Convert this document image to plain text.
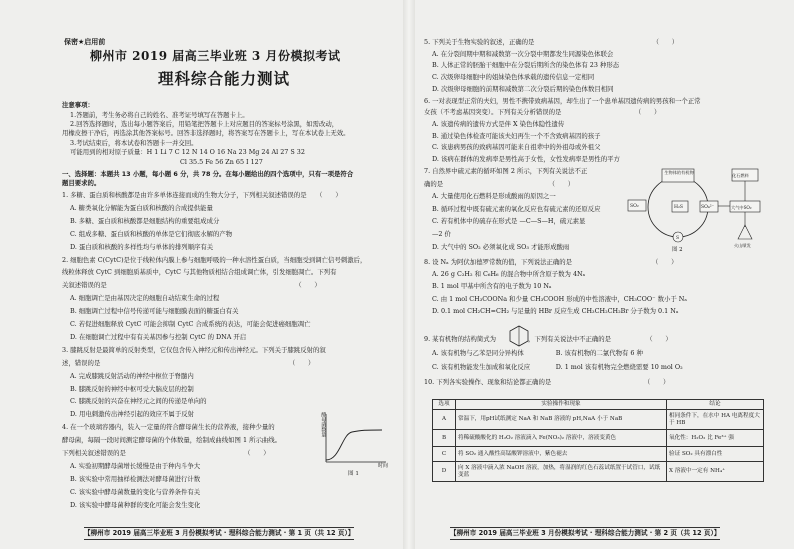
保密★启用前
柳州市 2019 届高三毕业班 3 月份模拟考试
理科综合能力测试
注意事项：
1.答题前，考生务必将自己的姓名、准考证号填写在答题卡上。
2.回答选择题时，选出每小题答案后，用铅笔把答题卡上对应题目的答案标号涂黑，如需改动，
用橡皮擦干净后，再选涂其他答案标号。回答非选择题时，将答案写在答题卡上，写在本试卷上无效。
3.考试结束后，将本试卷和答题卡一并交回。
可能用到的相对原子质量：H 1 Li 7 C 12 N 14 O 16 Na 23 Mg 24 Al 27 S 32
Cl 35.5 Fe 56 Zn 65 I 127
一、选择题：本题共 13 小题，每小题 6 分，共 78 分。在每小题给出的四个选项中，只有一项是符合
题目要求的。
1. 多糖、蛋白质和核酸都是由许多单体连接而成的生物大分子，下列相关叙述错误的是　　（　　）
A. 糖类氧化分解能为蛋白质和核酸的合成提供能量
B. 多糖、蛋白质和核酸都是细胞结构的重要组成成分
C. 组成多糖、蛋白质和核酸的单体是它们彻底水解的产物
D. 蛋白质和核酸的多样性均与单体的排列顺序有关
2. 细胞色素 C(CytC)是位于线粒体内膜上参与细胞呼吸的一种水溶性蛋白质，当细胞受到调亡信号刺激后，
线粒体释放 CytC 到细胞质基质中，CytC 与其他物质相结合组成调亡体，引发细胞凋亡。下列有
关叙述错误的是　　　　　　　　　　　　　　　　　　　　　　　　　　　　　　（　　）
A. 细胞调亡是由基因决定的细胞自动结束生命的过程
B. 细胞调亡过程中信号传递可能与细胞膜表面的糖蛋白有关
C. 若促进细胞释放 CytC 可能会抑制 CytC 合成系统的表达，可能会促进癌细胞凋亡
D. 在细胞调亡过程中有有关基因参与控制 CytC 的 DNA 开启
3. 膝跳反射是最简单的反射类型，它仅包含传入神经元和传出神经元。下列关于膝跳反射的叙
述，错误的是　　　　　　　　　　　　　　　　　　　　　　　　　　　　　　（　　）
A. 完成膝跳反射活动的神经中枢位于脊髓内
B. 膝跳反射的神经中枢可受大脑皮层的控制
C. 膝跳反射的兴奋在神经元之间的传递是单向的
D. 用电刺激传出神经引起的效应不属于反射
4. 在一个玻璃容器内，装入一定量的符合酵母菌生长的营养液，接种少量的
酵母菌，每隔一段时间测定酵母菌的个体数量，绘制成曲线如图 1 所示曲线。
下列相关叙述错误的是　　　　　　　　　　　　　　　　　　　（　　）
A. 实验初期酵母菌增长缓慢是由于种内斗争大
B. 该实验中常用抽样检测法对酵母菌进行计数
C. 该实验中酵母菌数量的变化与营养条件有关
D. 该实验中酵母菌种群的变化可能会发生变化
酵母菌数量
时间
图 1
【柳州市 2019 届高三毕业班 3 月份模拟考试 · 理科综合能力测试 · 第 1 页（共 12 页）】
5. 下列关于生物实验的叙述，正确的是　　　　　　　　　　　　　　　　　　　（　　）
A. 在分裂间期中期和减数第一次分裂中期都发生同源染色体联会
B. 人体正常的胚胎干细胞中在分裂后期所含的染色体有 23 种形态
C. 次级卵母细胞中的姐妹染色体承载的遗传信息一定相同
D. 次级卵母细胞的前期和减数第二次分裂后期的染色体数目相同
6. 一对表现型正常的夫妇，男性不携带致病基因，却生出了一个患单基因遗传病的男孩和一个正常
女孩（不考虑基因突变）。下列有关分析错误的是　　　　　　　　　　　　（　　）
A. 该遗传病的遗传方式是伴 X 染色体隐性遗传
B. 通过染色体检查可能该夫妇再生一个不含致病基因的孩子
C. 该患病男孩的致病基因可能来自祖辈中的外祖母或外祖父
D. 该病在群体的发病率是男性高于女性，女性发病率是男性的平方
7. 自然界中硫元素的循环如图 2 所示，下列有关说法不正
确的是　　　　　　　　　　　　　　　　　（　　）
A. 大量使用化石燃料是形成酸雨的原因之一
B. 循环过程中既有硫元素的氧化反应也有硫元素的还原反应
C. 若有机体中的硫存在形式是 —C—S—H，硫元素显
—2 价
D. 大气中的 SO₂ 必须氧化成 SO₃ 才能形成酸雨
8. 设 Nₐ 为阿伏加德罗常数的值，下列说法正确的是　　　　　　　　　　　　　（　　）
A. 26 g C₂H₂ 和 C₆H₆ 的混合物中所含原子数为 4Nₐ
B. 1 mol 甲基中所含有的电子数为 10 Nₐ
C. 由 1 mol CH₃COONa 和少量 CH₃COOH 形成的中性溶液中，CH₃COO⁻ 数小于 Nₐ
D. 0.1 mol CH₂CH=CH₂ 与足量的 HBr 反应生成 CH₃CH₂CH₂Br 分子数为 0.1 Nₐ
9. 某有机物的结构简式为　　　　　，下列有关说法中不正确的是　　　　　　（　　）
A. 该有机物与乙苯是同分异构体　　　　　B. 该有机物的二氯代物有 6 种
C. 该有机物能发生加成和氧化反应　　　　D. 1 mol 该有机物完全燃烧需要 10 mol O₂
10. 下列各实验操作、现象和结论都正确的是　　　　　　　　　　　　　　　（　　）
生物体的有机物
化石燃料
SO₂	H₂S	SO₄²⁻	大气中SO₂
S
火山喷发
图 2
选项	实验操作和现象	结论
A	常温下，用pH试纸测定 NaA 和 NaB 溶液的 pH,NaA 小于 NaB	相同条件下，在水中 HA 电离程度大于 HB
B	将稀硫酸酸化的 H₂O₂ 溶液滴入 Fe(NO₃)₂ 溶液中，溶液变黄色	氧化性：H₂O₂ 比 Fe³⁺ 强
C	将 SO₂ 通入酸性高锰酸钾溶液中，紫色褪去	验证 SO₂ 具有漂白性
D	向 X 溶液中滴入浓 NaOH 溶液，加热，将湿润的红色石蕊试纸置于试管口，试纸变蓝	X 溶液中一定有 NH₄⁺
【柳州市 2019 届高三毕业班 3 月份模拟考试 · 理科综合能力测试 · 第 2 页（共 12 页）】
